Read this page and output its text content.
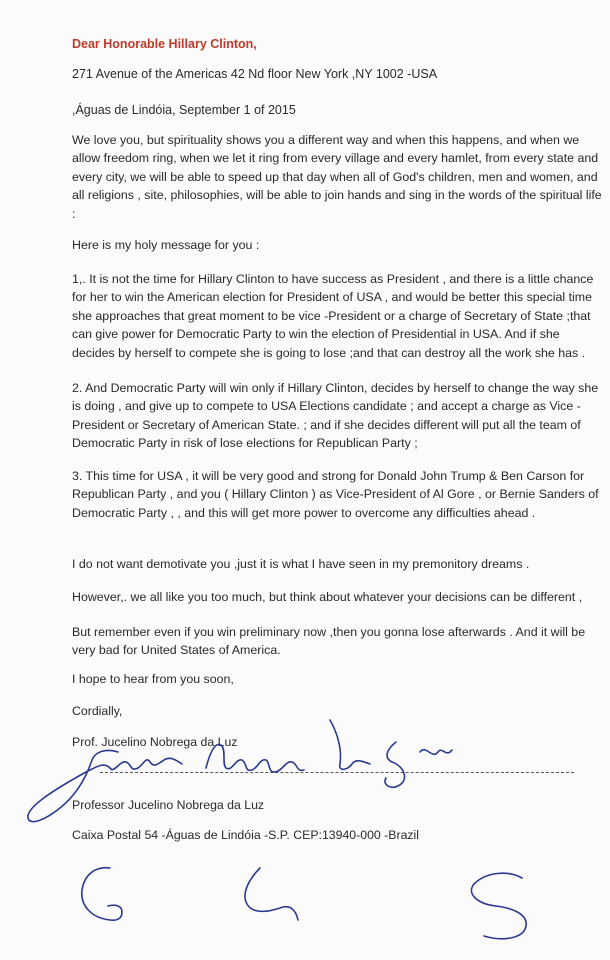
Dear Honorable Hillary Clinton,
271 Avenue of the Americas 42 Nd floor New York ,NY 1002 -USA
,Águas de Lindóia, September 1 of 2015
We love you, but spirituality shows you a different way and when this happens, and when we allow freedom ring, when we let it ring from every village and every hamlet, from every state and every city, we will be able to speed up that day when all of God's children, men and women, and all religions , site, philosophies, will be able to join hands and sing in the words of the spiritual life :
Here is my holy message for you :
1,. It is not the time for Hillary Clinton to have success as President , and there is a little chance for her to win the American election for President of USA , and would be better this special time she approaches that great moment to be vice -President or a charge of Secretary of State ;that can give power for Democratic Party to win the election of Presidential in USA. And if she decides by herself to compete she is going to lose ;and that can destroy all the work she has .
2. And Democratic Party will win only if Hillary Clinton, decides by herself to change the way she is doing , and give up to compete to USA Elections candidate ; and accept a charge as Vice -President or Secretary of American State. ; and if she decides different will put all the team of Democratic Party in risk of lose elections for Republican Party ;
3. This time for USA , it will be very good and strong for Donald John Trump & Ben Carson for Republican Party , and you ( Hillary Clinton ) as Vice-President of Al Gore , or Bernie Sanders of Democratic Party , , and this will get more power to overcome any difficulties ahead .
I do not want demotivate you ,just it is what I have seen in my premonitory dreams .
However,. we all like you too much, but think about whatever your decisions can be different ,
But remember even if you win preliminary now ,then you gonna lose afterwards . And it will be very bad for United States of America.
I hope to hear from you soon,
Cordially,
Prof. Jucelino Nobrega da Luz
Professor Jucelino Nobrega da Luz
Caixa Postal 54 -Águas de Lindóia -S.P. CEP:13940-000 -Brazil
